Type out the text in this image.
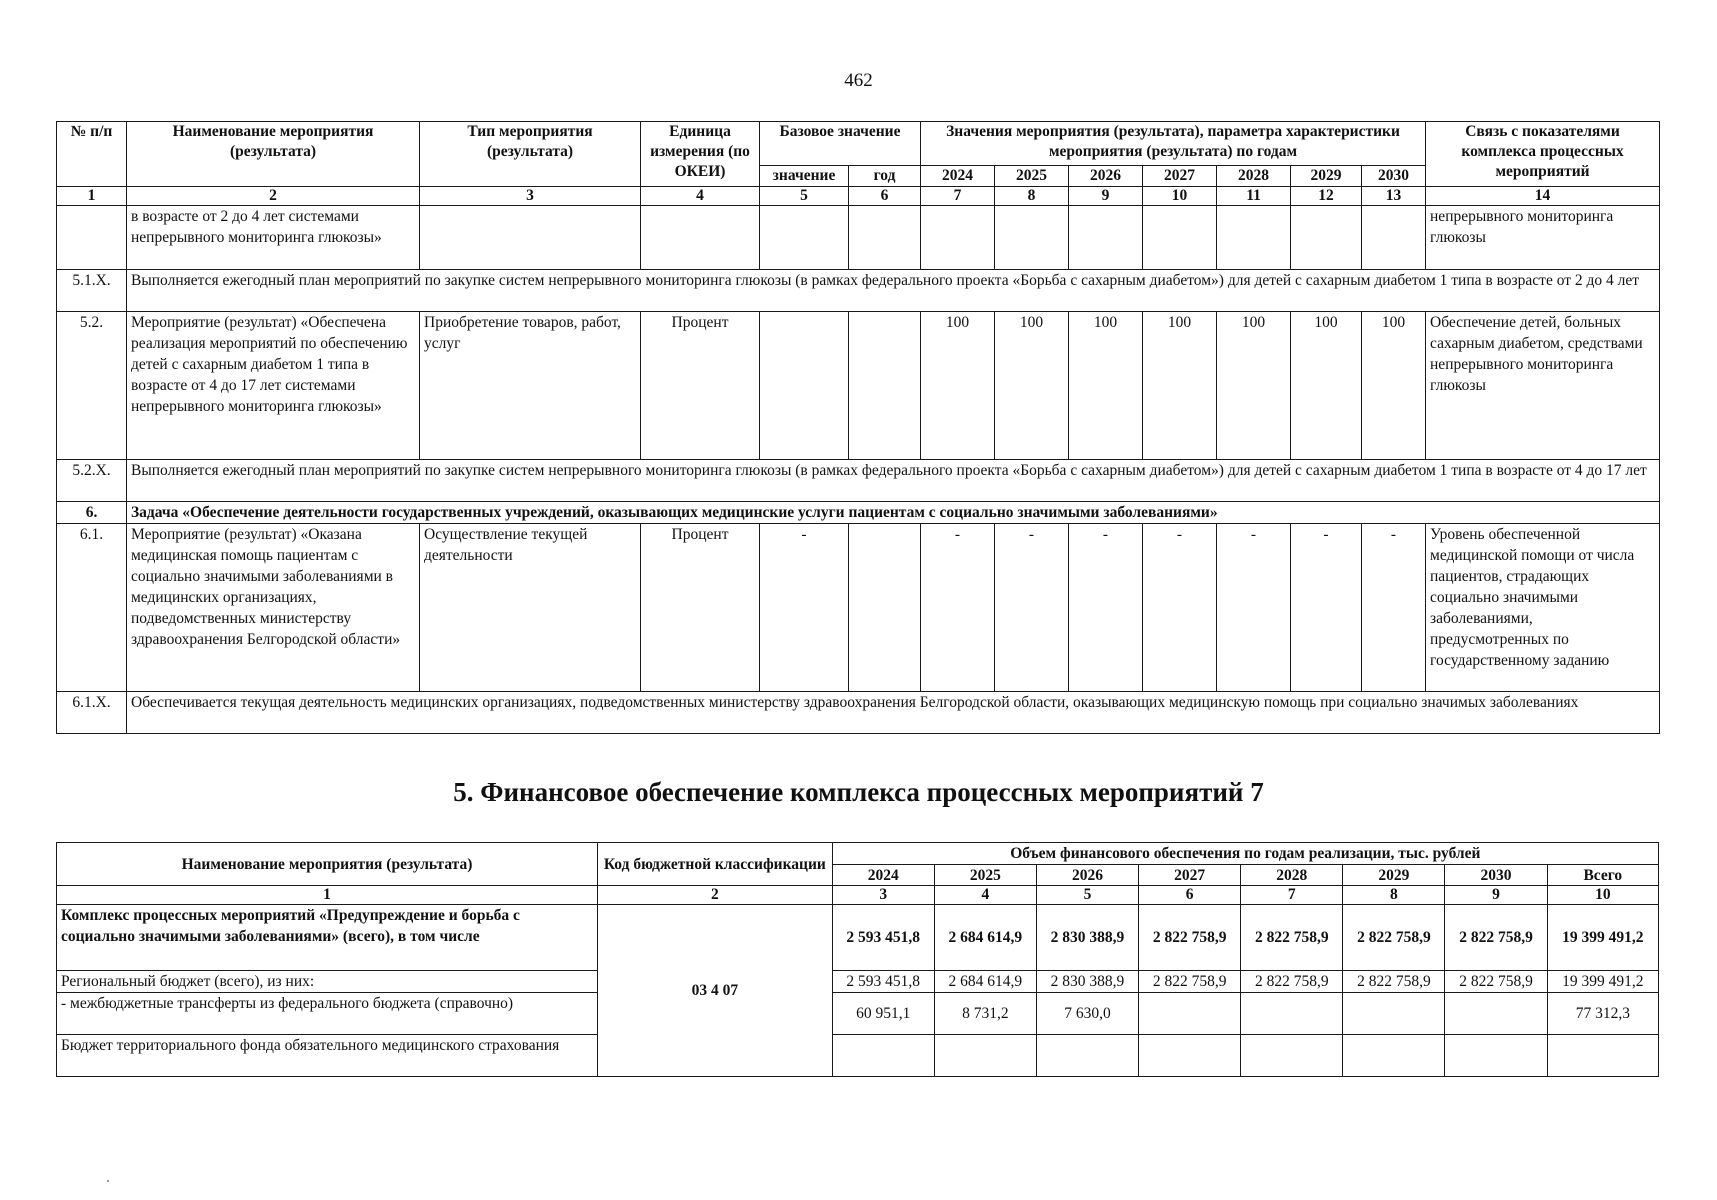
462
№ п/п	Наименование мероприятия (результата)	Тип мероприятия (результата)	Единица измерения (по ОКЕИ)	Базовое значение		Значения мероприятия (результата), параметра характеристики мероприятия (результата) по годам							Связь с показателями комплекса процессных мероприятий
				значение	год	2024	2025	2026	2027	2028	2029	2030	
1	2	3	4	5	6	7	8	9	10	11	12	13	14
	в возрасте от 2 до 4 лет системами непрерывного мониторинга глюкозы»												непрерывного мониторинга глюкозы
5.1.X.	Выполняется ежегодный план мероприятий по закупке систем непрерывного мониторинга глюкозы (в рамках федерального проекта «Борьба с сахарным диабетом») для детей с сахарным диабетом 1 типа в возрасте от 2 до 4 лет												
5.2.	Мероприятие (результат) «Обеспечена реализация мероприятий по обеспечению детей с сахарным диабетом 1 типа в возрасте от 4 до 17 лет системами непрерывного мониторинга глюкозы»	Приобретение товаров, работ, услуг	Процент			100	100	100	100	100	100	100	Обеспечение детей, больных сахарным диабетом, средствами непрерывного мониторинга глюкозы
5.2.X.	Выполняется ежегодный план мероприятий по закупке систем непрерывного мониторинга глюкозы (в рамках федерального проекта «Борьба с сахарным диабетом») для детей с сахарным диабетом 1 типа в возрасте от 4 до 17 лет												
6.	Задача «Обеспечение деятельности государственных учреждений, оказывающих медицинские услуги пациентам с социально значимыми заболеваниями»												
6.1.	Мероприятие (результат) «Оказана медицинская помощь пациентам с социально значимыми заболеваниями в медицинских организациях, подведомственных министерству здравоохранения Белгородской области»	Осуществление текущей деятельности	Процент	-		-	-	-	-	-	-	-	Уровень обеспеченной медицинской помощи от числа пациентов, страдающих социально значимыми заболеваниями, предусмотренных по государственному заданию
6.1.X.	Обеспечивается текущая деятельность медицинских организациях, подведомственных министерству здравоохранения Белгородской области, оказывающих медицинскую помощь при социально значимых заболеваниях												
5. Финансовое обеспечение комплекса процессных мероприятий 7
Наименование мероприятия (результата)	Код бюджетной классификации	Объем финансового обеспечения по годам реализации, тыс. рублей							
		2024	2025	2026	2027	2028	2029	2030	Всего
1	2	3	4	5	6	7	8	9	10
Комплекс процессных мероприятий «Предупреждение и борьба с социально значимыми заболеваниями» (всего), в том числе	03 4 07	2 593 451,8	2 684 614,9	2 830 388,9	2 822 758,9	2 822 758,9	2 822 758,9	2 822 758,9	19 399 491,2
Региональный бюджет (всего), из них:		2 593 451,8	2 684 614,9	2 830 388,9	2 822 758,9	2 822 758,9	2 822 758,9	2 822 758,9	19 399 491,2
- межбюджетные трансферты из федерального бюджета (справочно)		60 951,1	8 731,2	7 630,0					77 312,3
Бюджет территориального фонда обязательного медицинского страхования									
